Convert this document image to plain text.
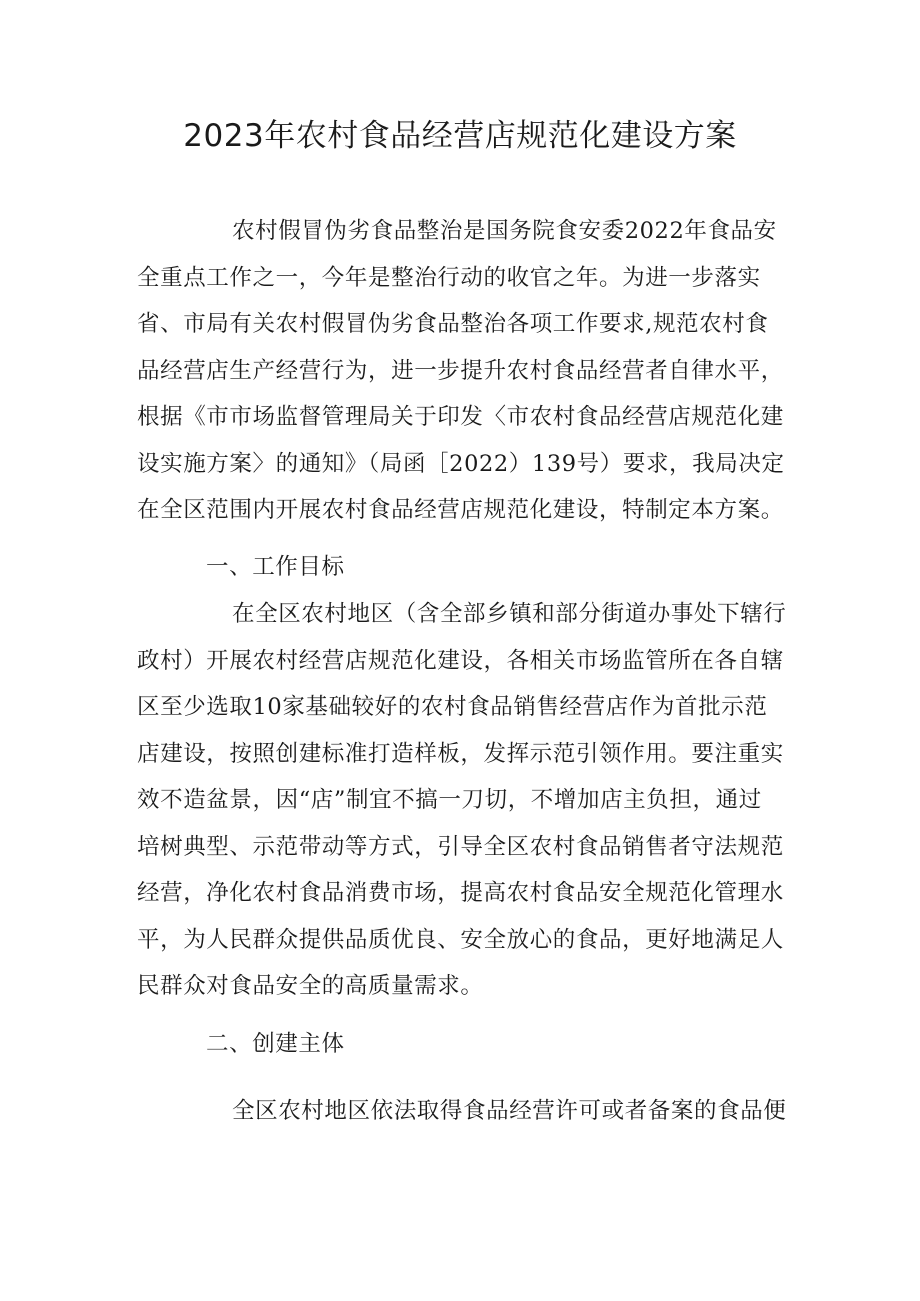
2023年农村食品经营店规范化建设方案

农村假冒伪劣食品整治是国务院食安委2022年食品安

全重点工作之一，今年是整治行动的收官之年。为进一步落实

省、市局有关农村假冒伪劣食品整治各项工作要求,规范农村食

品经营店生产经营行为，进一步提升农村食品经营者自律水平，

根据《市市场监督管理局关于印发〈市农村食品经营店规范化建

设实施方案〉的通知》（局函［2022）139号）要求，我局决定

在全区范围内开展农村食品经营店规范化建设，特制定本方案。

一、工作目标

在全区农村地区（含全部乡镇和部分街道办事处下辖行

政村）开展农村经营店规范化建设，各相关市场监管所在各自辖

区至少选取10家基础较好的农村食品销售经营店作为首批示范

店建设，按照创建标准打造样板，发挥示范引领作用。要注重实

效不造盆景，因“店”制宜不搞一刀切，不增加店主负担，通过

培树典型、示范带动等方式，引导全区农村食品销售者守法规范

经营，净化农村食品消费市场，提高农村食品安全规范化管理水

平，为人民群众提供品质优良、安全放心的食品，更好地满足人

民群众对食品安全的高质量需求。

二、创建主体

全区农村地区依法取得食品经营许可或者备案的食品便
